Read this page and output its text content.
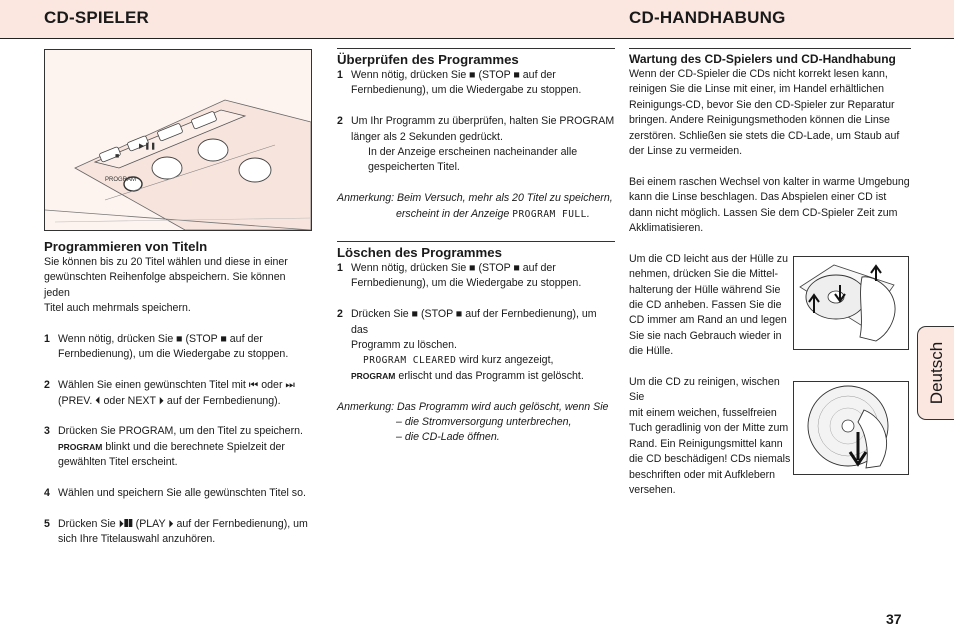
CD-SPIELER	CD-HANDHABUNG
PROGRAM
▶❚❚
■
Programmieren von Titeln

Sie können bis zu 20 Titel wählen und diese in einer

gewünschten Reihenfolge abspeichern. Sie können jeden

Titel auch mehrmals speichern.

1 Wenn nötig, drücken Sie ■ (STOP ■ auf der

Fernbedienung), um die Wiedergabe zu stoppen.

2 Wählen Sie einen gewünschten Titel mit ⏮ oder ⏭

(PREV. ⏴ oder NEXT ⏵ auf der Fernbedienung).

3 Drücken Sie PROGRAM, um den Titel zu speichern.

PROGRAM blinkt und die berechnete Spielzeit der

gewählten Titel erscheint.

4 Wählen und speichern Sie alle gewünschten Titel so.

5 Drücken Sie ⏵❚❚ (PLAY ⏵ auf der Fernbedienung), um

sich Ihre Titelauswahl anzuhören.

Überprüfen des Programmes
1 Wenn nötig, drücken Sie ■ (STOP ■ auf der

Fernbedienung), um die Wiedergabe zu stoppen.

2 Um Ihr Programm zu überprüfen, halten Sie PROGRAM

länger als 2 Sekunden gedrückt.

In der Anzeige erscheinen nacheinander alle

gespeicherten Titel.

Anmerkung: Beim Versuch, mehr als 20 Titel zu speichern,

erscheint in der Anzeige PROGRAM FULL.

Löschen des Programmes
1 Wenn nötig, drücken Sie ■ (STOP ■ auf der

Fernbedienung), um die Wiedergabe zu stoppen.

2 Drücken Sie ■ (STOP ■ auf der Fernbedienung), um das

Programm zu löschen.

PROGRAM CLEARED wird kurz angezeigt,

PROGRAM erlischt und das Programm ist gelöscht.

Anmerkung: Das Programm wird auch gelöscht, wenn Sie

– die Stromversorgung unterbrechen,

– die CD-Lade öffnen.

Wartung des CD-Spielers und CD-Handhabung

Wenn der CD-Spieler die CDs nicht korrekt lesen kann,

reinigen Sie die Linse mit einer, im Handel erhältlichen

Reinigungs-CD, bevor Sie den CD-Spieler zur Reparatur

bringen. Andere Reinigungsmethoden können die Linse

zerstören. Schließen sie stets die CD-Lade, um Staub auf

der Linse zu vermeiden.

Bei einem raschen Wechsel von kalter in warme Umgebung

kann die Linse beschlagen. Das Abspielen einer CD ist

dann nicht möglich. Lassen Sie dem CD-Spieler Zeit zum

Akklimatisieren.

Um die CD leicht aus der Hülle zu

nehmen, drücken Sie die Mittel-

halterung der Hülle während Sie

die CD anheben. Fassen Sie die

CD immer am Rand an und legen

Sie sie nach Gebrauch wieder in

die Hülle.

Um die CD zu reinigen, wischen Sie

mit einem weichen, fusselfreien

Tuch geradlinig von der Mitte zum

Rand. Ein Reinigungsmittel kann

die CD beschädigen! CDs niemals

beschriften oder mit Aufklebern

versehen.

Deutsch
37
